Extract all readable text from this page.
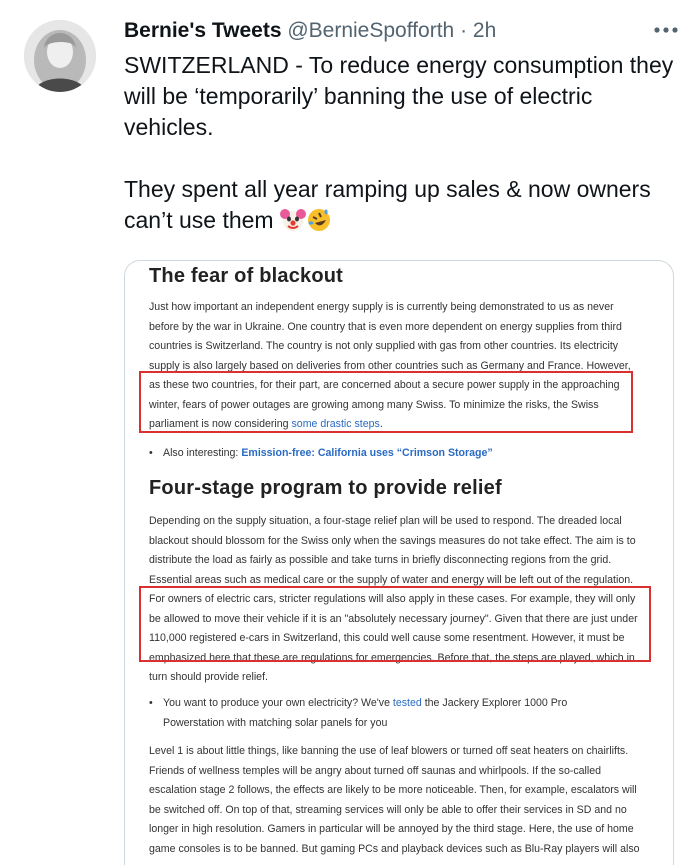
Bernie's Tweets @BernieSpofforth · 2h

SWITZERLAND - To reduce energy consumption they will be ‘temporarily’ banning the use of electric vehicles.

They spent all year ramping up sales & now owners can’t use them

The fear of blackout
Just how important an independent energy supply is is currently being demonstrated to us as never
before by the war in Ukraine. One country that is even more dependent on energy supplies from third
countries is Switzerland. The country is not only supplied with gas from other countries. Its electricity
supply is also largely based on deliveries from other countries such as Germany and France. However,
as these two countries, for their part, are concerned about a secure power supply in the approaching
winter, fears of power outages are growing among many Swiss. To minimize the risks, the Swiss
parliament is now considering some drastic steps.
• Also interesting: Emission-free: California uses “Crimson Storage”
Four-stage program to provide relief
Depending on the supply situation, a four-stage relief plan will be used to respond. The dreaded local
blackout should blossom for the Swiss only when the savings measures do not take effect. The aim is to
distribute the load as fairly as possible and take turns in briefly disconnecting regions from the grid.
Essential areas such as medical care or the supply of water and energy will be left out of the regulation.
For owners of electric cars, stricter regulations will also apply in these cases. For example, they will only
be allowed to move their vehicle if it is an "absolutely necessary journey". Given that there are just under
110,000 registered e-cars in Switzerland, this could well cause some resentment. However, it must be
emphasized here that these are regulations for emergencies. Before that, the steps are played, which in
turn should provide relief.
• You want to produce your own electricity? We've tested the Jackery Explorer 1000 Pro
Powerstation with matching solar panels for you
Level 1 is about little things, like banning the use of leaf blowers or turned off seat heaters on chairlifts.
Friends of wellness temples will be angry about turned off saunas and whirlpools. If the so-called
escalation stage 2 follows, the effects are likely to be more noticeable. Then, for example, escalators will
be switched off. On top of that, streaming services will only be able to offer their services in SD and no
longer in high resolution. Gamers in particular will be annoyed by the third stage. Here, the use of home
game consoles is to be banned. But gaming PCs and playback devices such as Blu-Ray players will also
